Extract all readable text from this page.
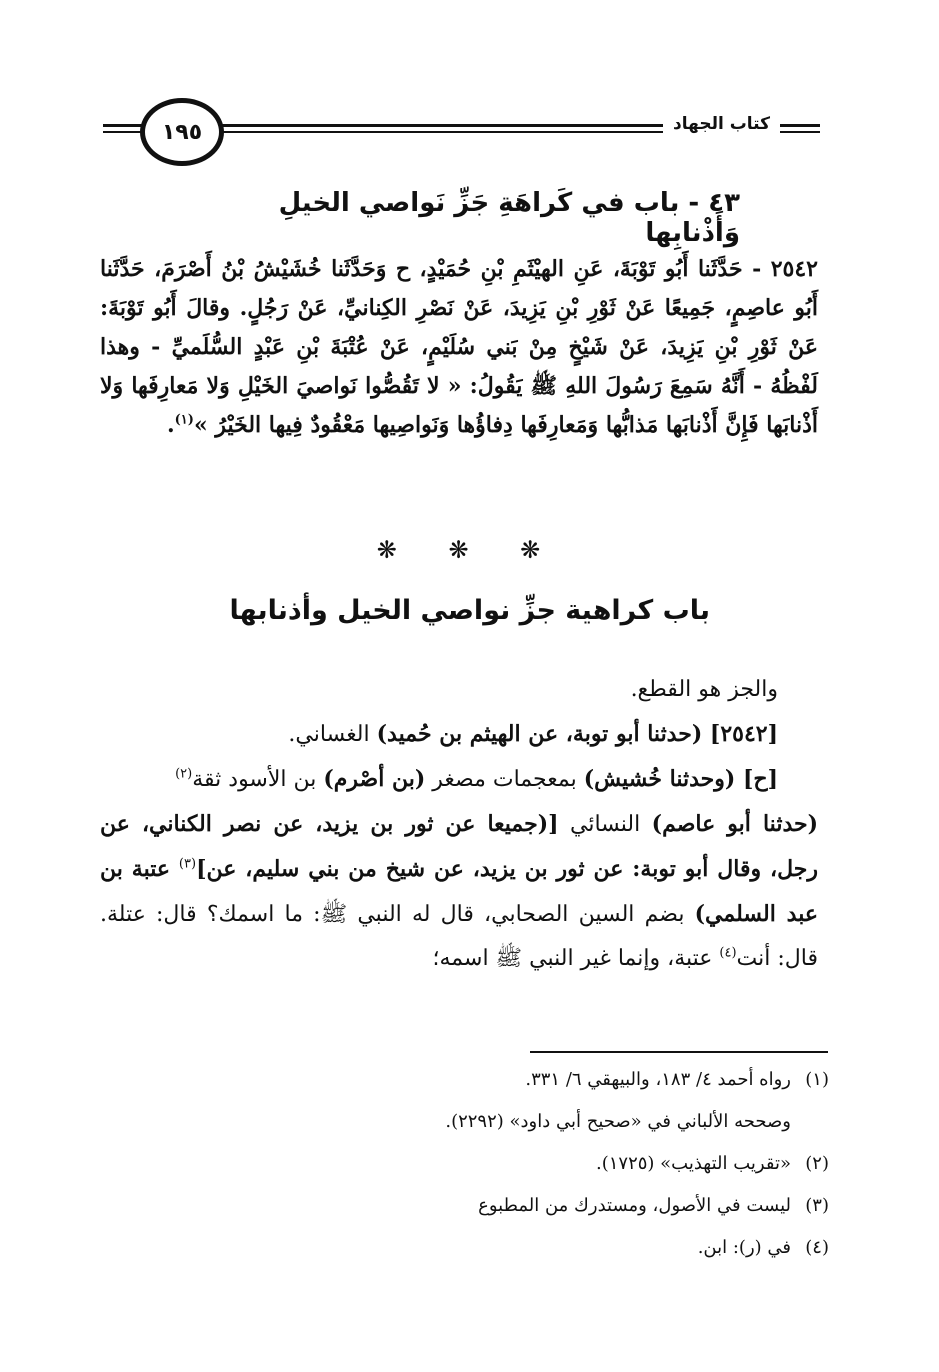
كتاب الجهاد
١٩٥
٤٣ - باب في كَراهَةِ جَزِّ نَواصي الخيلِ وَأَذْنابِها
٢٥٤٢ - حَدَّثَنا أَبُو تَوْبَةَ، عَنِ الهيْثَمِ بْنِ حُمَيْدٍ، ح وَحَدَّثَنا خُشَيْشُ بْنُ أَصْرَمَ، حَدَّثَنا أَبُو عاصِمٍ، جَمِيعًا عَنْ ثَوْرِ بْنِ يَزِيدَ، عَنْ نَصْرِ الكِنانيِّ، عَنْ رَجُلٍ. وقالَ أَبُو تَوْبَةَ: عَنْ ثَوْرِ بْنِ يَزِيدَ، عَنْ شَيْخٍ مِنْ بَني سُلَيْمٍ، عَنْ عُتْبَةَ بْنِ عَبْدٍ السُّلَميِّ - وهذا لَفْظُهُ - أَنَّهُ سَمِعَ رَسُولَ اللهِ ﷺ يَقُولُ: « لا تَقُصُّوا نَواصيَ الخَيْلِ وَلا مَعارِفَها وَلا أَذْنابَها فَإِنَّ أَذْنابَها مَذابُّها وَمَعارِفَها دِفاؤُها وَنَواصِيها مَعْقُودٌ فِيها الخَيْرُ »$^{(١)}$.
❋ ❋ ❋
باب كراهية جزِّ نواصي الخيل وأذنابها

والجز هو القطع.

[٢٥٤٢] (حدثنا أبو توبة، عن الهيثم بن حُميد) الغساني.

[ح] (وحدثنا خُشيش) بمعجمات مصغر (بن أصْرم) بن الأسود ثقة$^{(٢)}$

(حدثنا أبو عاصم) النسائي [(جميعا عن ثور بن يزيد، عن نصر الكناني، عن رجل، وقال أبو توبة: عن ثور بن يزيد، عن شيخ من بني سليم، عن]$^{(٣)}$ عتبة بن عبد السلمي) بضم السين الصحابي، قال له النبي ﷺ: ما اسمك؟ قال: عتلة. قال: أنت$^{(٤)}$ عتبة، وإنما غير النبي ﷺ اسمه؛

(١)رواه أحمد ٤/ ١٨٣، والبيهقي ٦/ ٣٣١.
وصححه الألباني في «صحيح أبي داود» (٢٢٩٢).
(٢)«تقريب التهذيب» (١٧٢٥).
(٣)ليست في الأصول، ومستدرك من المطبوع
(٤)في (ر): ابن.
